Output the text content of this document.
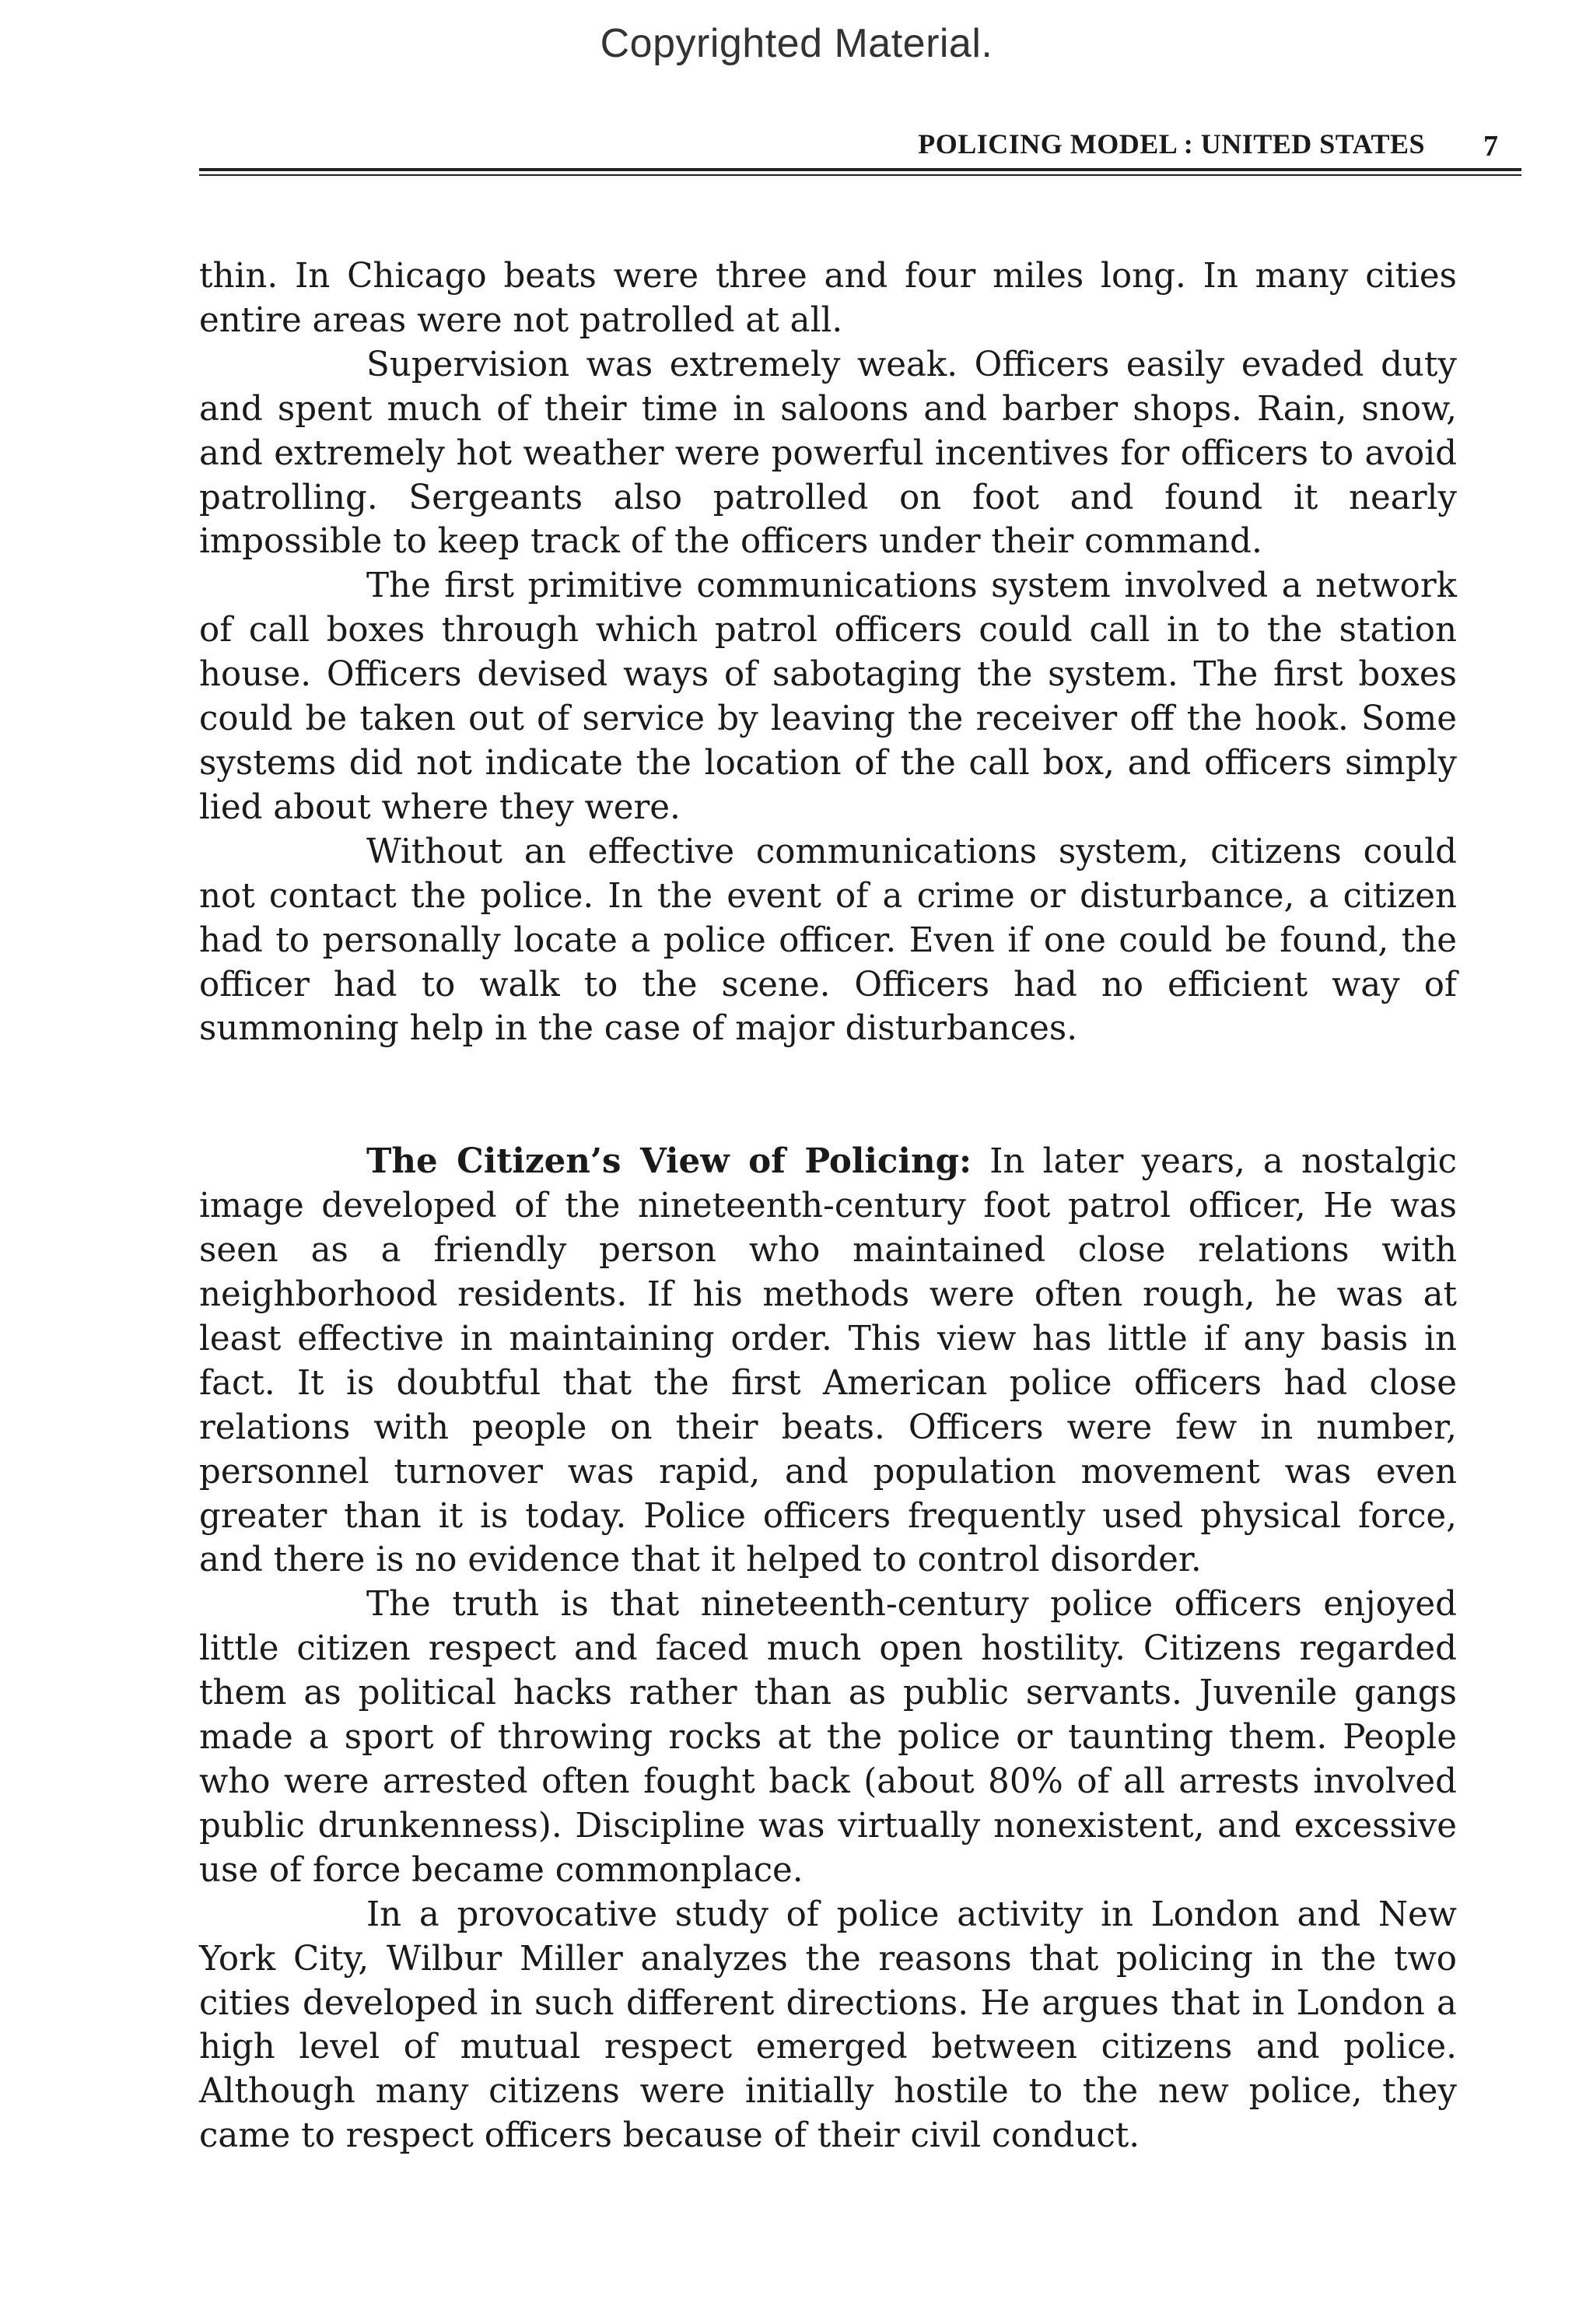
Copyrighted Material.
POLICING MODEL : UNITED STATES 7

thin. In Chicago beats were three and four miles long. In many cities entire areas were not patrolled at all.

Supervision was extremely weak. Officers easily evaded duty and spent much of their time in saloons and barber shops. Rain, snow, and extremely hot weather were powerful incentives for officers to avoid patrolling. Sergeants also patrolled on foot and found it nearly impossible to keep track of the officers under their command.

The first primitive communications system involved a network of call boxes through which patrol officers could call in to the station house. Officers devised ways of sabotaging the system. The first boxes could be taken out of service by leaving the receiver off the hook. Some systems did not indicate the location of the call box, and officers simply lied about where they were.

Without an effective communications system, citizens could not contact the police. In the event of a crime or disturbance, a citizen had to personally locate a police officer. Even if one could be found, the officer had to walk to the scene. Officers had no efficient way of summoning help in the case of major disturbances.

The Citizen’s View of Policing: In later years, a nostalgic image developed of the nineteenth-century foot patrol officer, He was seen as a friendly person who maintained close relations with neighborhood residents. If his methods were often rough, he was at least effective in maintaining order. This view has little if any basis in fact. It is doubtful that the first American police officers had close relations with people on their beats. Officers were few in number, personnel turnover was rapid, and population movement was even greater than it is today. Police officers frequently used physical force, and there is no evidence that it helped to control disorder.

The truth is that nineteenth-century police officers enjoyed little citizen respect and faced much open hostility. Citizens regarded them as political hacks rather than as public servants. Juvenile gangs made a sport of throwing rocks at the police or taunting them. People who were arrested often fought back (about 80% of all arrests involved public drunkenness). Discipline was virtually nonexistent, and excessive use of force became commonplace.

In a provocative study of police activity in London and New York City, Wilbur Miller analyzes the reasons that policing in the two cities developed in such different directions. He argues that in London a high level of mutual respect emerged between citizens and police. Although many citizens were initially hostile to the new police, they came to respect officers because of their civil conduct.
